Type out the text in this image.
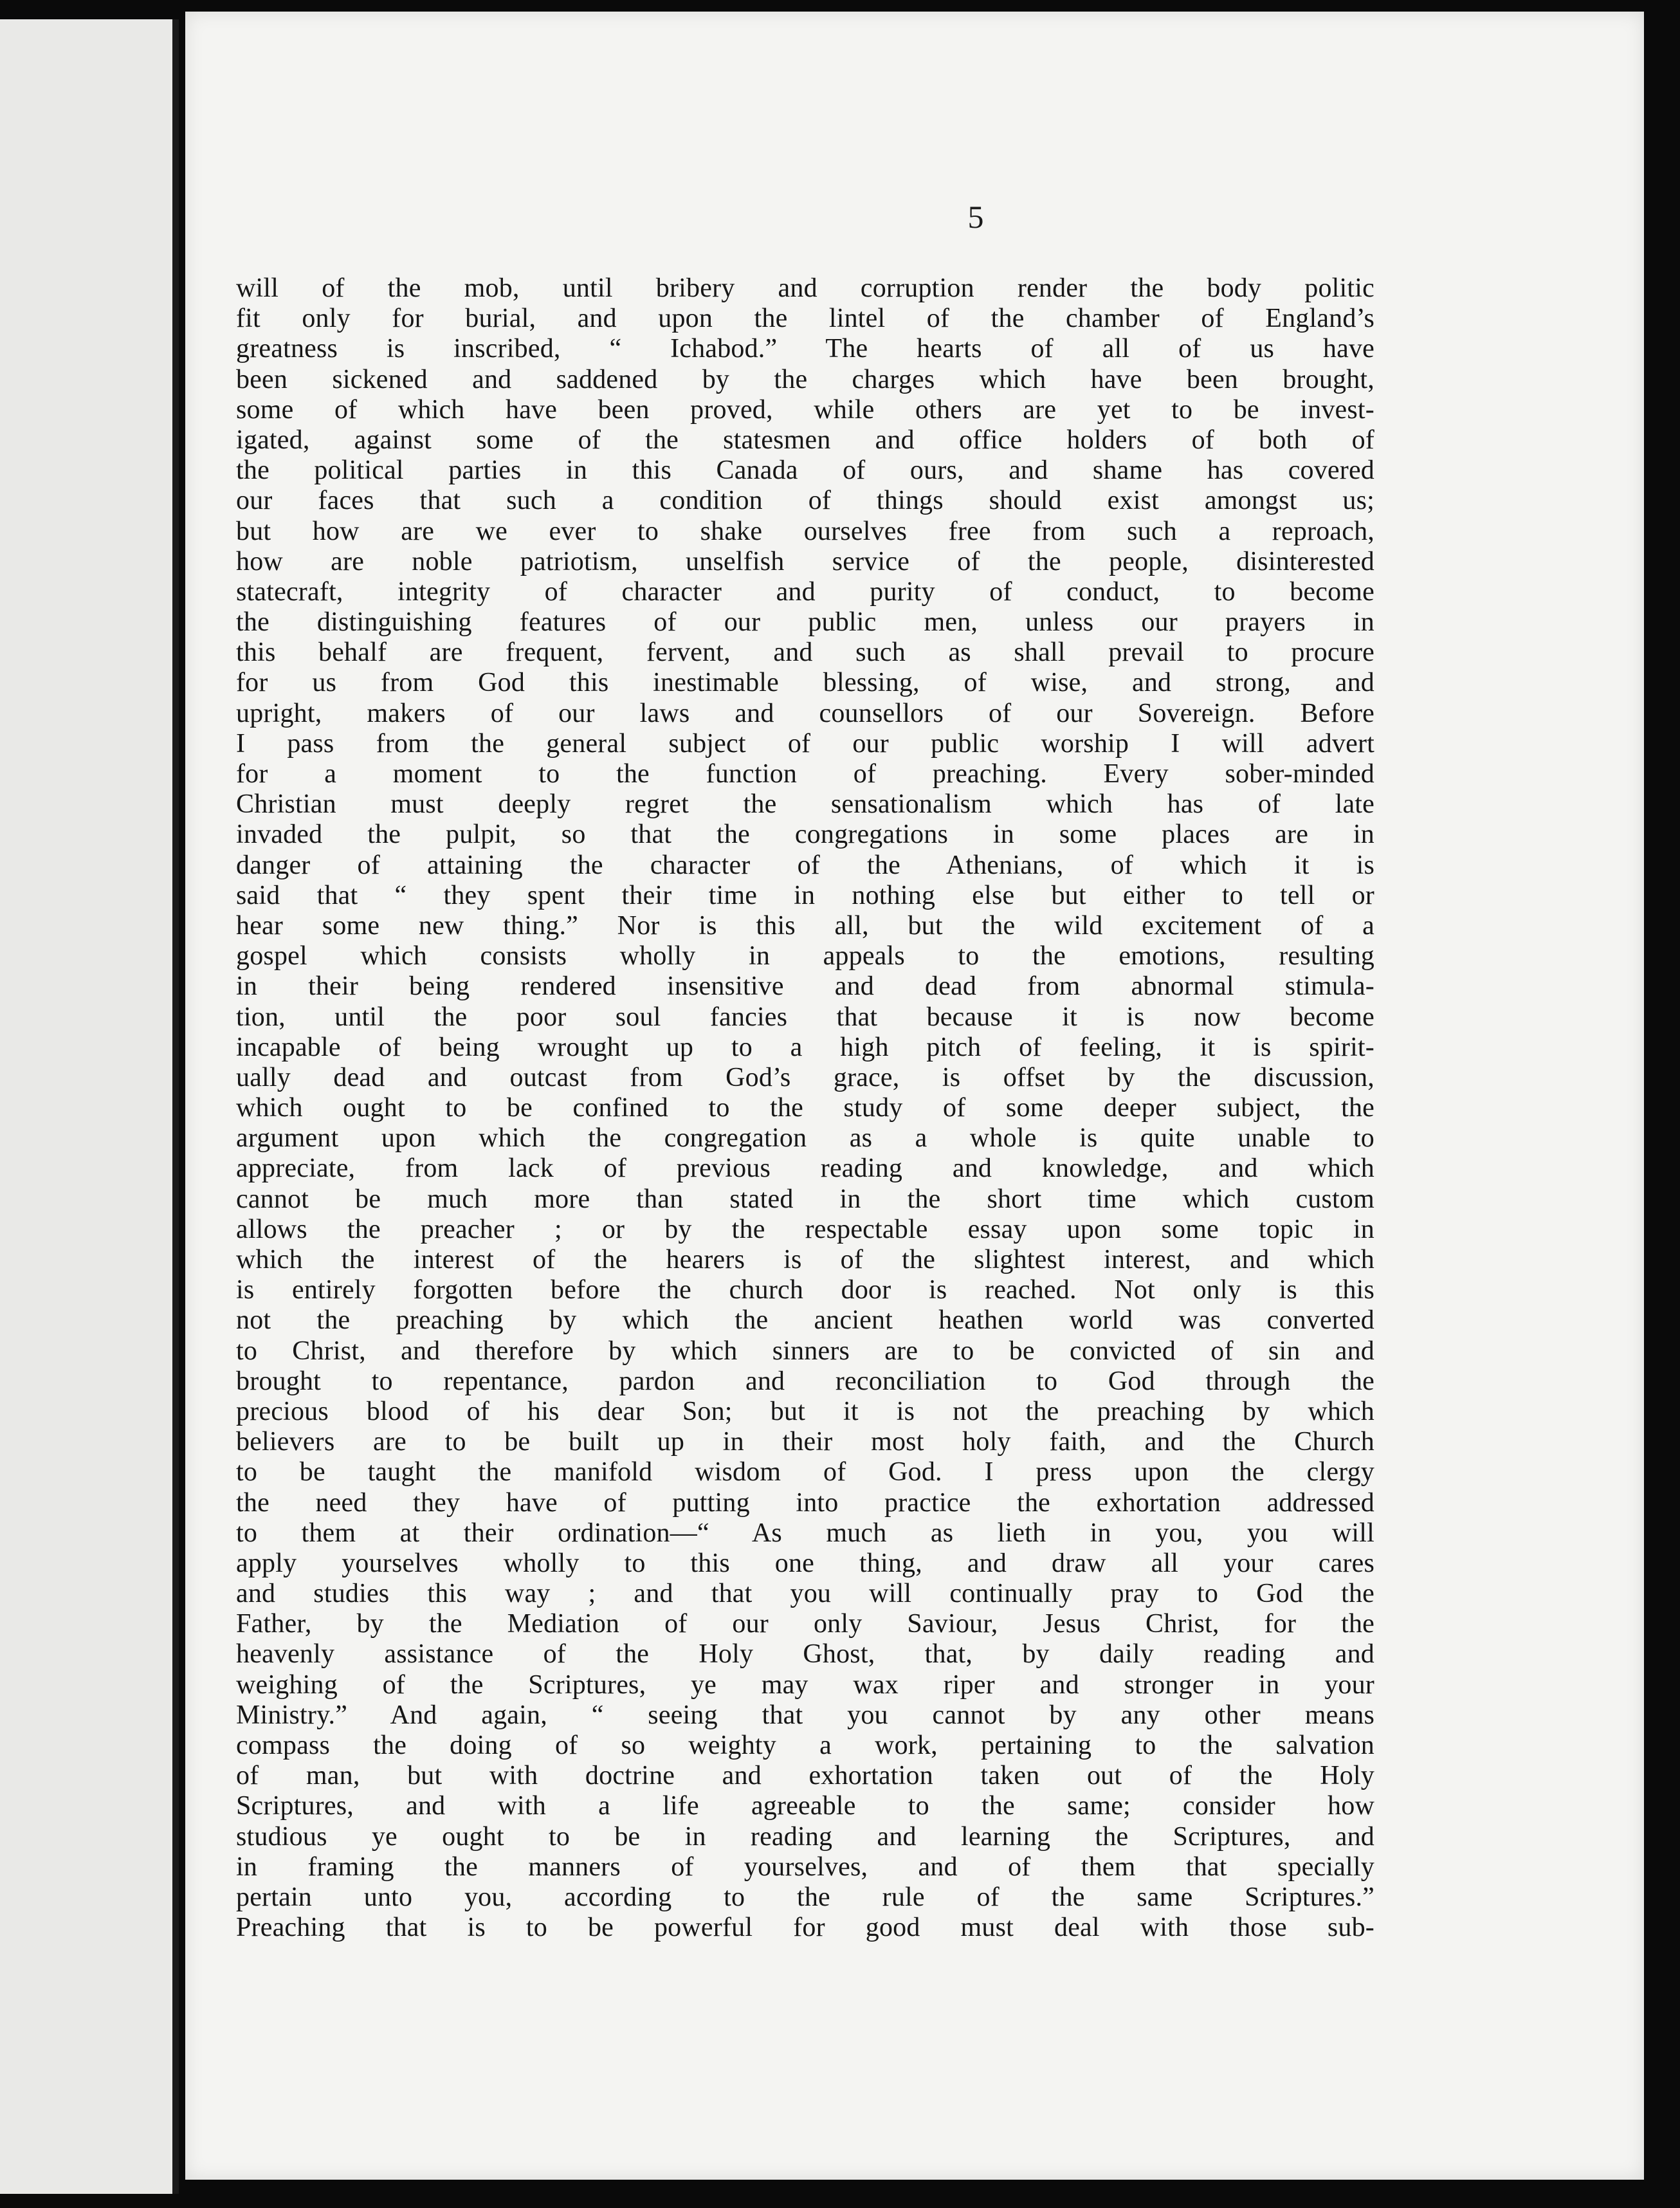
5
will of the mob, until bribery and corruption render the body politic
fit only for burial, and upon the lintel of the chamber of England’s
greatness is inscribed, “ Ichabod.” The hearts of all of us have
been sickened and saddened by the charges which have been brought,
some of which have been proved, while others are yet to be invest-
igated, against some of the statesmen and office holders of both of
the political parties in this Canada of ours, and shame has covered
our faces that such a condition of things should exist amongst us;
but how are we ever to shake ourselves free from such a reproach,
how are noble patriotism, unselfish service of the people, disinterested
statecraft, integrity of character and purity of conduct, to become
the distinguishing features of our public men, unless our prayers in
this behalf are frequent, fervent, and such as shall prevail to procure
for us from God this inestimable blessing, of wise, and strong, and
upright, makers of our laws and counsellors of our Sovereign. Before
I pass from the general subject of our public worship I will advert
for a moment to the function of preaching. Every sober-minded
Christian must deeply regret the sensationalism which has of late
invaded the pulpit, so that the congregations in some places are in
danger of attaining the character of the Athenians, of which it is
said that “ they spent their time in nothing else but either to tell or
hear some new thing.” Nor is this all, but the wild excitement of a
gospel which consists wholly in appeals to the emotions, resulting
in their being rendered insensitive and dead from abnormal stimula-
tion, until the poor soul fancies that because it is now become
incapable of being wrought up to a high pitch of feeling, it is spirit-
ually dead and outcast from God’s grace, is offset by the discussion,
which ought to be confined to the study of some deeper subject, the
argument upon which the congregation as a whole is quite unable to
appreciate, from lack of previous reading and knowledge, and which
cannot be much more than stated in the short time which custom
allows the preacher ; or by the respectable essay upon some topic in
which the interest of the hearers is of the slightest interest, and which
is entirely forgotten before the church door is reached. Not only is this
not the preaching by which the ancient heathen world was converted
to Christ, and therefore by which sinners are to be convicted of sin and
brought to repentance, pardon and reconciliation to God through the
precious blood of his dear Son; but it is not the preaching by which
believers are to be built up in their most holy faith, and the Church
to be taught the manifold wisdom of God. I press upon the clergy
the need they have of putting into practice the exhortation addressed
to them at their ordination—“ As much as lieth in you, you will
apply yourselves wholly to this one thing, and draw all your cares
and studies this way ; and that you will continually pray to God the
Father, by the Mediation of our only Saviour, Jesus Christ, for the
heavenly assistance of the Holy Ghost, that, by daily reading and
weighing of the Scriptures, ye may wax riper and stronger in your
Ministry.” And again, “ seeing that you cannot by any other means
compass the doing of so weighty a work, pertaining to the salvation
of man, but with doctrine and exhortation taken out of the Holy
Scriptures, and with a life agreeable to the same; consider how
studious ye ought to be in reading and learning the Scriptures, and
in framing the manners of yourselves, and of them that specially
pertain unto you, according to the rule of the same Scriptures.”
Preaching that is to be powerful for good must deal with those sub-
